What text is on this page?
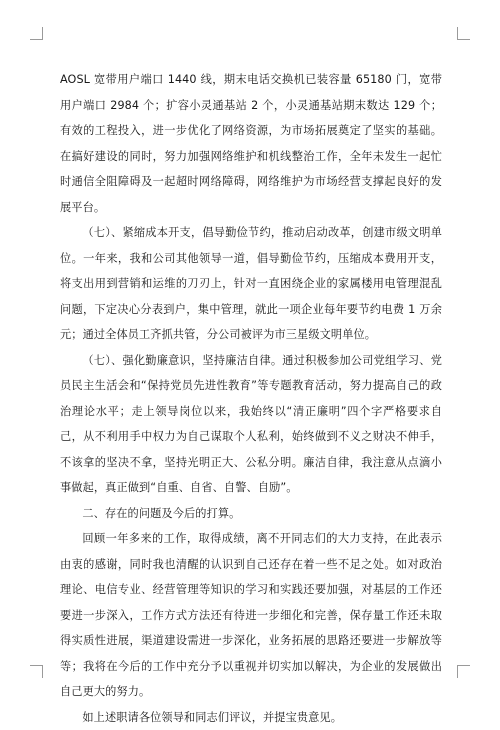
AOSL 宽带用户端口 1440 线，期末电话交换机已装容量 65180 门，宽带用户端口 2984 个；扩容小灵通基站 2 个，小灵通基站期末数达 129 个；有效的工程投入，进一步优化了网络资源，为市场拓展奠定了坚实的基础。在搞好建设的同时，努力加强网络维护和机线整治工作，全年未发生一起忙时通信全阻障碍及一起超时网络障碍，网络维护为市场经营支撑起良好的发展平台。

（七）、紧缩成本开支，倡导勤俭节约，推动启动改革，创建市级文明单位。一年来，我和公司其他领导一道，倡导勤俭节约，压缩成本费用开支，将支出用到营销和运维的刀刃上，针对一直困绕企业的家属楼用电管理混乱问题，下定决心分表到户，集中管理，就此一项企业每年要节约电费 1 万余元；通过全体员工齐抓共管，分公司被评为市三星级文明单位。

（七）、强化勤廉意识，坚持廉洁自律。通过积极参加公司党组学习、党员民主生活会和“保持党员先进性教育”等专题教育活动，努力提高自己的政治理论水平；走上领导岗位以来，我始终以“清正廉明”四个字严格要求自己，从不利用手中权力为自己谋取个人私利，始终做到不义之财决不伸手，不该拿的坚决不拿，坚持光明正大、公私分明。廉洁自律，我注意从点滴小事做起，真正做到“自重、自省、自警、自励”。

二、存在的问题及今后的打算。

回顾一年多来的工作，取得成绩，离不开同志们的大力支持，在此表示由衷的感谢，同时我也清醒的认识到自己还存在着一些不足之处。如对政治理论、电信专业、经营管理等知识的学习和实践还要加强，对基层的工作还要进一步深入，工作方式方法还有待进一步细化和完善，保存量工作还未取得实质性进展，渠道建设需进一步深化，业务拓展的思路还要进一步解放等等；我将在今后的工作中充分予以重视并切实加以解决，为企业的发展做出自己更大的努力。

如上述职请各位领导和同志们评议，并提宝贵意见。
